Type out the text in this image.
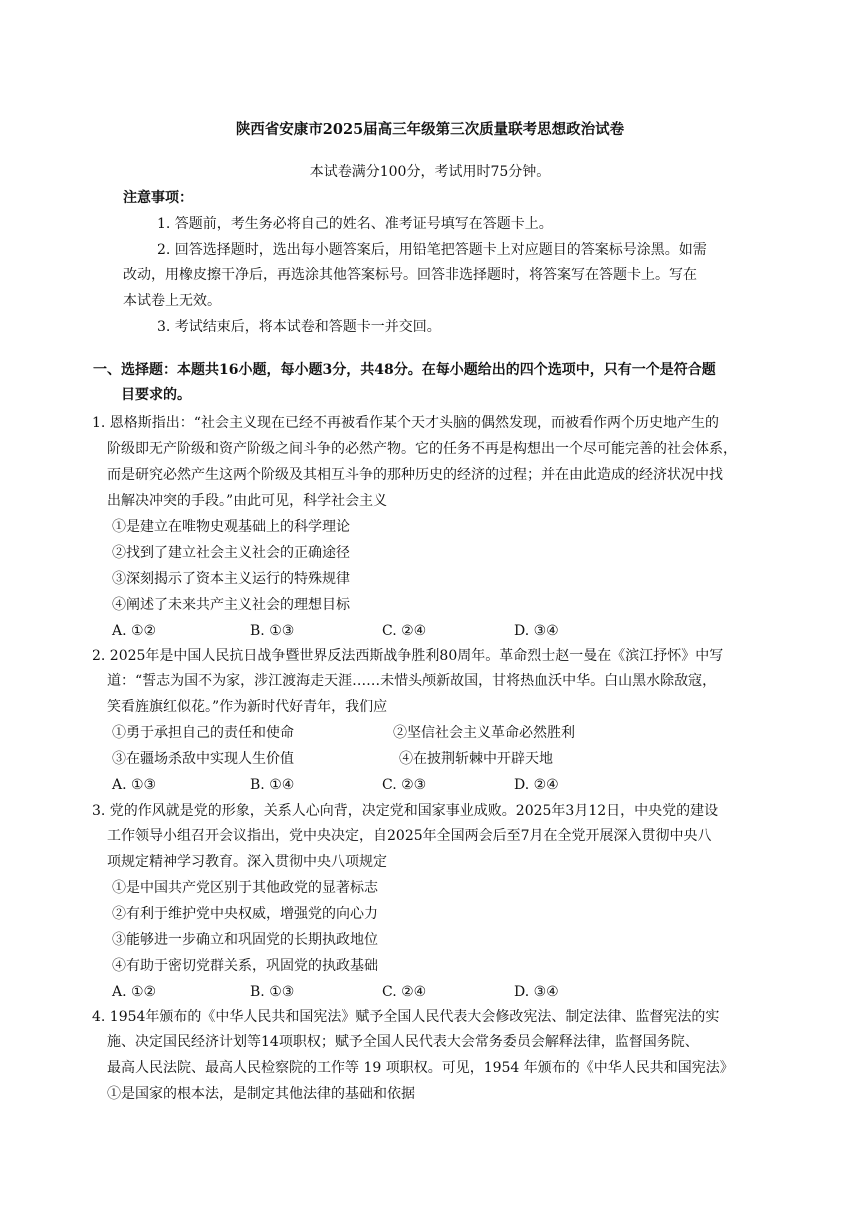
陕西省安康市2025届高三年级第三次质量联考思想政治试卷
本试卷满分100分，考试用时75分钟。
注意事项：
1. 答题前，考生务必将自己的姓名、准考证号填写在答题卡上。
2. 回答选择题时，选出每小题答案后，用铅笔把答题卡上对应题目的答案标号涂黑。如需
改动，用橡皮擦干净后，再选涂其他答案标号。回答非选择题时，将答案写在答题卡上。写在
本试卷上无效。
3. 考试结束后，将本试卷和答题卡一并交回。
一、选择题：本题共16小题，每小题3分，共48分。在每小题给出的四个选项中，只有一个是符合题
目要求的。
1. 恩格斯指出：“社会主义现在已经不再被看作某个天才头脑的偶然发现，而被看作两个历史地产生的
阶级即无产阶级和资产阶级之间斗争的必然产物。它的任务不再是构想出一个尽可能完善的社会体系，
而是研究必然产生这两个阶级及其相互斗争的那种历史的经济的过程；并在由此造成的经济状况中找
出解决冲突的手段。”由此可见，科学社会主义
①是建立在唯物史观基础上的科学理论
②找到了建立社会主义社会的正确途径
③深刻揭示了资本主义运行的特殊规律
④阐述了未来共产主义社会的理想目标
A. ①②	B. ①③	C. ②④	D. ③④
2. 2025年是中国人民抗日战争暨世界反法西斯战争胜利80周年。革命烈士赵一曼在《滨江抒怀》中写
道：“誓志为国不为家，涉江渡海走天涯……未惜头颅新故国，甘将热血沃中华。白山黑水除敌寇，
笑看旌旗红似花。”作为新时代好青年，我们应
①勇于承担自己的责任和使命	②坚信社会主义革命必然胜利
③在疆场杀敌中实现人生价值	④在披荆斩棘中开辟天地
A. ①③	B. ①④	C. ②③	D. ②④
3. 党的作风就是党的形象，关系人心向背，决定党和国家事业成败。2025年3月12日，中央党的建设
工作领导小组召开会议指出，党中央决定，自2025年全国两会后至7月在全党开展深入贯彻中央八
项规定精神学习教育。深入贯彻中央八项规定
①是中国共产党区别于其他政党的显著标志
②有利于维护党中央权威，增强党的向心力
③能够进一步确立和巩固党的长期执政地位
④有助于密切党群关系，巩固党的执政基础
A. ①②	B. ①③	C. ②④	D. ③④
4. 1954年颁布的《中华人民共和国宪法》赋予全国人民代表大会修改宪法、制定法律、监督宪法的实
施、决定国民经济计划等14项职权；赋予全国人民代表大会常务委员会解释法律，监督国务院、
最高人民法院、最高人民检察院的工作等 19 项职权。可见，1954 年颁布的《中华人民共和国宪法》
①是国家的根本法，是制定其他法律的基础和依据
